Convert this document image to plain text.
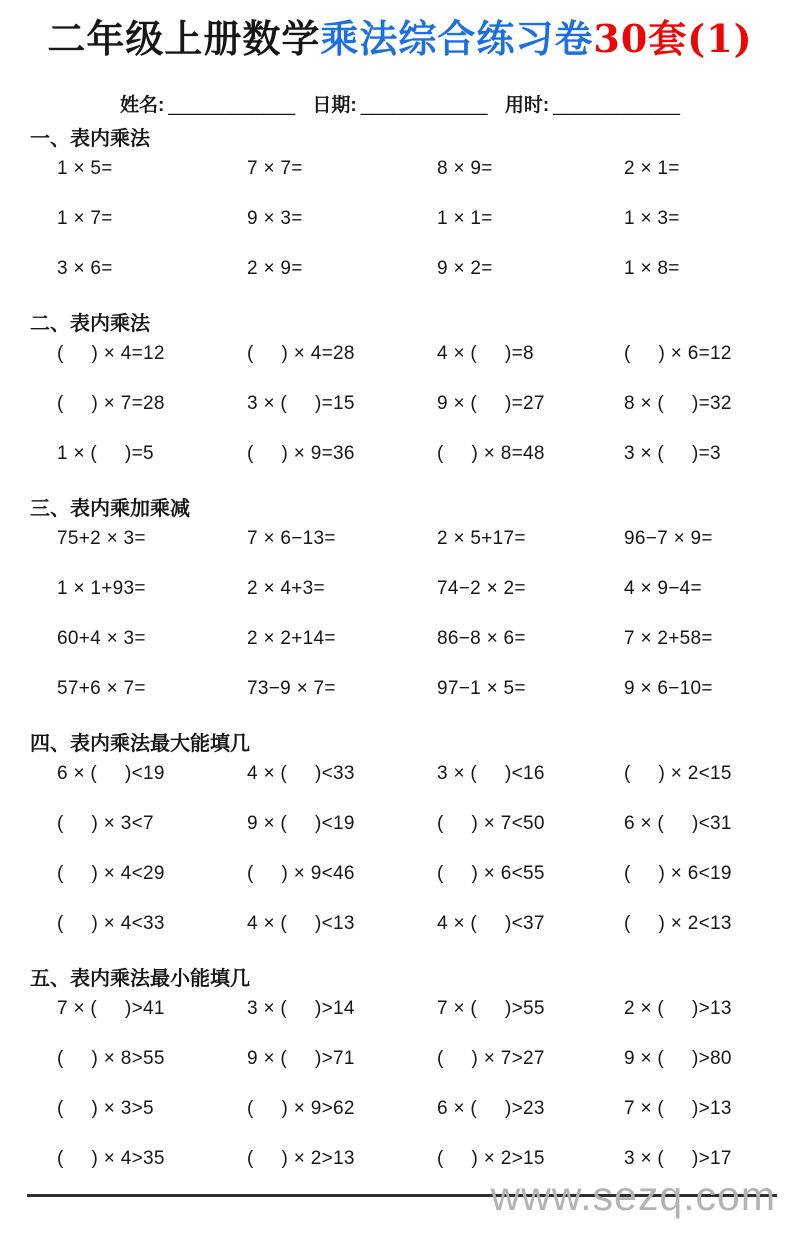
二年级上册数学乘法综合练习卷30套(1)
姓名: ____________ 日期: ____________ 用时: ____________
一、表内乘法
1 × 5=	7 × 7=	8 × 9=	2 × 1=
1 × 7=	9 × 3=	1 × 1=	1 × 3=
3 × 6=	2 × 9=	9 × 2=	1 × 8=
二、表内乘法
(     ) × 4=12	(     ) × 4=28	4 × (     )=8	(     ) × 6=12
(     ) × 7=28	3 × (     )=15	9 × (     )=27	8 × (     )=32
1 × (     )=5	(     ) × 9=36	(     ) × 8=48	3 × (     )=3
三、表内乘加乘减
75+2 × 3=	7 × 6−13=	2 × 5+17=	96−7 × 9=
1 × 1+93=	2 × 4+3=	74−2 × 2=	4 × 9−4=
60+4 × 3=	2 × 2+14=	86−8 × 6=	7 × 2+58=
57+6 × 7=	73−9 × 7=	97−1 × 5=	9 × 6−10=
四、表内乘法最大能填几
6 × (     )<19	4 × (     )<33	3 × (     )<16	(     ) × 2<15
(     ) × 3<7	9 × (     )<19	(     ) × 7<50	6 × (     )<31
(     ) × 4<29	(     ) × 9<46	(     ) × 6<55	(     ) × 6<19
(     ) × 4<33	4 × (     )<13	4 × (     )<37	(     ) × 2<13
五、表内乘法最小能填几
7 × (     )>41	3 × (     )>14	7 × (     )>55	2 × (     )>13
(     ) × 8>55	9 × (     )>71	(     ) × 7>27	9 × (     )>80
(     ) × 3>5	(     ) × 9>62	6 × (     )>23	7 × (     )>13
(     ) × 4>35	(     ) × 2>13	(     ) × 2>15	3 × (     )>17
www.sezq.com
